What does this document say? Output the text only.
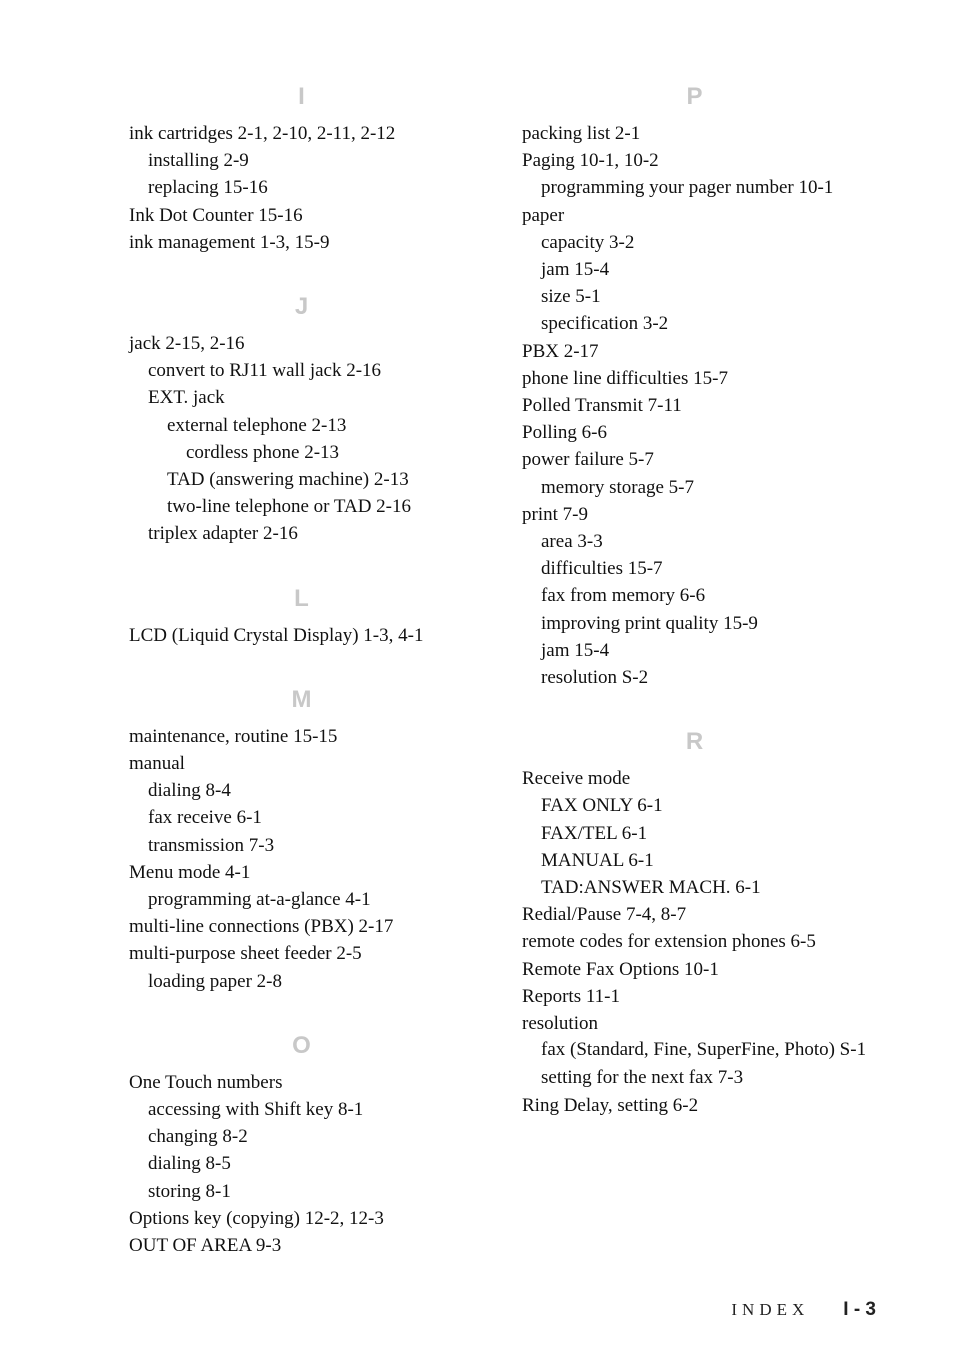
I
ink cartridges 2-1, 2-10, 2-11, 2-12
installing 2-9
replacing 15-16
Ink Dot Counter 15-16
ink management 1-3, 15-9
J
jack 2-15, 2-16
convert to RJ11 wall jack 2-16
EXT. jack
external telephone 2-13
cordless phone 2-13
TAD (answering machine) 2-13
two-line telephone or TAD 2-16
triplex adapter 2-16
L
LCD (Liquid Crystal Display) 1-3, 4-1
M
maintenance, routine 15-15
manual
dialing 8-4
fax receive 6-1
transmission 7-3
Menu mode 4-1
programming at-a-glance 4-1
multi-line connections (PBX) 2-17
multi-purpose sheet feeder 2-5
loading paper 2-8
O
One Touch numbers
accessing with Shift key 8-1
changing 8-2
dialing 8-5
storing 8-1
Options key (copying) 12-2, 12-3
OUT OF AREA 9-3
P
packing list 2-1
Paging 10-1, 10-2
programming your pager number 10-1
paper
capacity 3-2
jam 15-4
size 5-1
specification 3-2
PBX 2-17
phone line difficulties 15-7
Polled Transmit 7-11
Polling 6-6
power failure 5-7
memory storage 5-7
print 7-9
area 3-3
difficulties 15-7
fax from memory 6-6
improving print quality 15-9
jam 15-4
resolution S-2
R
Receive mode
FAX ONLY 6-1
FAX/TEL 6-1
MANUAL 6-1
TAD:ANSWER MACH. 6-1
Redial/Pause 7-4, 8-7
remote codes for extension phones 6-5
Remote Fax Options 10-1
Reports 11-1
resolution
fax (Standard, Fine, SuperFine, Photo) S-1
setting for the next fax 7-3
Ring Delay, setting 6-2
INDEX I - 3
